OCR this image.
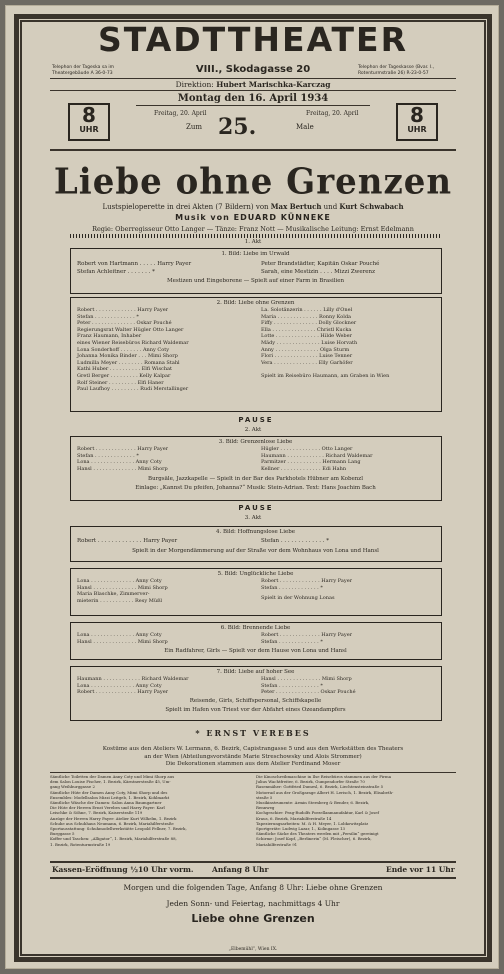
STADTTHEATER
Telephon der Tageska sa im Theatergebäude A 36-0-73	VIII., Skodagasse 20	Telephon der Tageskasse (Bvar. I., Rotenturmstraße 26) R-23-0-57
Direktion: Hubert Marischka-Karczag
Montag den 16. April 1934
8
UHR
8
UHR
Freitag, 20. April	Freitag, 20. April
Zum 25.	Male
Liebe ohne Grenzen
Lustspieloperette in drei Akten (7 Bildern) von Max Bertuch und Kurt Schwabach
Musik von EDUARD KÜNNEKE
Regie: Oberregisseur Otto Langer — Tänze: Franz Nott — Musikalische Leitung: Ernst Edelmann
1. Akt
1. Bild: Liebe im Urwald
Robert von Hartmann . . . . . Harry Payer	Peter Brandstädter, Kapitän Oskar Pouché
Stefan Achleitner . . . . . . . *	Sarah, eine Mestizin . . . . Mizzi Zwerenz
Mestizen und Eingeborene — Spielt auf einer Farm in Brasilien
2. Bild: Liebe ohne Grenzen
Robert . . . . . . . . . . . . . Harry Payer
Stefan . . . . . . . . . . . . . *
Peter . . . . . . . . . . . . . . Oskar Pouché
Regierungsrat Walter Hügler Otto Langer
Franz Haumann, Inhaber
eines Wiener Reisebüros Richard Waldemar
Lona Sonderhoff . . . . . . . Anny Coty
Johanna Monika Binder . . . Mimi Shorp
Ludmilla Meyer . . . . . . . . Romana Stahl
Kathi Huber . . . . . . . . . . Elfi Wischat
Gretl Berger . . . . . . . . . Kelly Kalpar
Rolf Steiner . . . . . . . . . Elfi Haner
Paul Laufhoy . . . . . . . . . Rudi Merstallinger
La. Solotänzerin . . . . . . Lilly d'Onel
Maria . . . . . . . . . . . . . Ronny Kolda
Fiffy . . . . . . . . . . . . . . Dolly Glockner
Ella . . . . . . . . . . . . . . Christl Kucka
Lotte . . . . . . . . . . . . . . Hilde Weber
Mädy . . . . . . . . . . . . . . Luise Horvath
Anny . . . . . . . . . . . . . . Olga Sturm
Flori . . . . . . . . . . . . . . Luise Tenner
Vera . . . . . . . . . . . . . . Elly Garhöfer
Spielt im Reisebüro Haumann, am Graben in Wien
PAUSE
2. Akt
3. Bild: Grenzenlose Liebe
Robert . . . . . . . . . . . . . Harry Payer
Stefan . . . . . . . . . . . . . *
Lona . . . . . . . . . . . . . . Anny Coty
Hansl . . . . . . . . . . . . . . Mimi Shorp
Hügler . . . . . . . . . . . . . Otto Langer
Haumann . . . . . . . . . . . . Richard Waldemar
Parmitzer . . . . . . . . . . . Hermann Lang
Kellner . . . . . . . . . . . . . Edi Hahn
Burgsäle, Jazzkapelle — Spielt in der Bar des Parkhotels Hübner am Kobenzl
Einlage: „Kannst Du pfeifen, Johanna?“ Musik: Stein-Adrian. Text: Hans Joachim Bach
PAUSE
3. Akt
4. Bild: Hoffnungslose Liebe
Robert . . . . . . . . . . . . . Harry Payer	Stefan . . . . . . . . . . . . . *
Spielt in der Morgendämmerung auf der Straße vor dem Wohnhaus von Lona und Hansl
5. Bild: Unglückliche Liebe
Lona . . . . . . . . . . . . . . Anny Coty
Hansl . . . . . . . . . . . . . . Mimi Shorp
Maria Blaschke, Zimmerver-
mieterin . . . . . . . . . . . Resy Müßl
Robert . . . . . . . . . . . . . Harry Payer
Stefan . . . . . . . . . . . . . *
Spielt in der Wohnung Lonas
6. Bild: Brennende Liebe
Lona . . . . . . . . . . . . . . Anny Coty
Hansl . . . . . . . . . . . . . . Mimi Shorp
Robert . . . . . . . . . . . . . Harry Payer
Stefan . . . . . . . . . . . . . *
Ein Radfahrer, Girls — Spielt vor dem Hause von Lona und Hansl
7. Bild: Liebe auf hoher See
Haumann . . . . . . . . . . . . Richard Waldemar
Lona . . . . . . . . . . . . . . Anny Coty
Robert . . . . . . . . . . . . . Harry Payer
Hansl . . . . . . . . . . . . . . Mimi Shorp
Stefan . . . . . . . . . . . . . *
Peter . . . . . . . . . . . . . . Oskar Pouché
Reisende, Girls, Schiffspersonal, Schiffskapelle
Spielt im Hafen von Triest vor der Abfahrt eines Ozeandampfers
* ERNST VEREBES
Kostüme aus den Ateliers W. Lermann, 6. Bezirk, Capistrangasse 5 und aus den Werkstätten des Theaters
an der Wien (Abteilungsvorstände Marie Streschowsky und Alois Strommer)
Die Dekorationen stammen aus dem Atelier Ferdinand Moser
Sämtliche Toiletten der Damen Anny Coty und Mimi Shorp aus
dem Salon Louise Fischer, 1. Bezirk, Kärntnerstraße 45, Um-
gang Weihburggasse 2
Sämtliche Hüte der Damen Anny Coty, Mimi Shorp und des
Ensembles: Modellsalon Mizzi Leitgeb, 1. Bezirk, Kohlmarkt
Sämtliche Wäsche der Damen: Salon Anna Baumgartner
Die Hüte der Herren Ernst Verebes und Harry Payer: Karl
Leischke & Söhne, 7. Bezirk, Kaiserstraße 119
Anzüge der Herren Harry Payer: Atelier Kurt Wilhelm, 1. Bezirk
Schuhe aus Schuhhaus Neumann, 6. Bezirk, Mariahilferstraße
Sportausstattung: Schuhmodellwerkstätte Leopold Fellner, 7. Bezirk,
Burggasse 5
Koffer und Taschen: „Alligator“, 1. Bezirk, Mariahilferstraße 88,
1. Bezirk, Rotenturmstraße 19
Die Kinoschreibmaschine in Ilse Reisebüros stammen aus der Firma
Julius Wachtfreiter, 6. Bezirk, Gumpendorfer Straße 70
Rasenmäher: Gottfried Dumesl, 6. Bezirk, Liechtensteinstraße 5
Motorrad aus der Großgarage Albert H. Lerisch, 1. Bezirk, Elisabeth-
straße 5
Musikinstrumente: Armin Sternberg & Bender, 6. Bezirk,
Rennweg
Kochgeschirr: Prag-Rudolfs Porzellanmanufaktur, Karl & Josef
Kraus, 6. Bezirk, Mariahilferstraße 14
Tapezierungsarbeiten: M. & H. Meyer, 1. Lobkowitzplatz
Sportgeräte: Ludwig Lazar, 1., Kolingasse 13
Sämtliche Säcke des Theaters werden mit „Persilin“ gereinigt
Schirme: Josef Kopf, „Berlinerin“ (M. Fleischer), 6. Bezirk,
Mariahilferstraße 91
Kassen-Eröffnung ½10 Uhr vorm. Anfang 8 Uhr	Ende vor 11 Uhr
Morgen und die folgenden Tage, Anfang 8 Uhr: Liebe ohne Grenzen
Jeden Sonn- und Feiertag, nachmittags 4 Uhr
Liebe ohne Grenzen
„Elbemühl“, Wien IX.
